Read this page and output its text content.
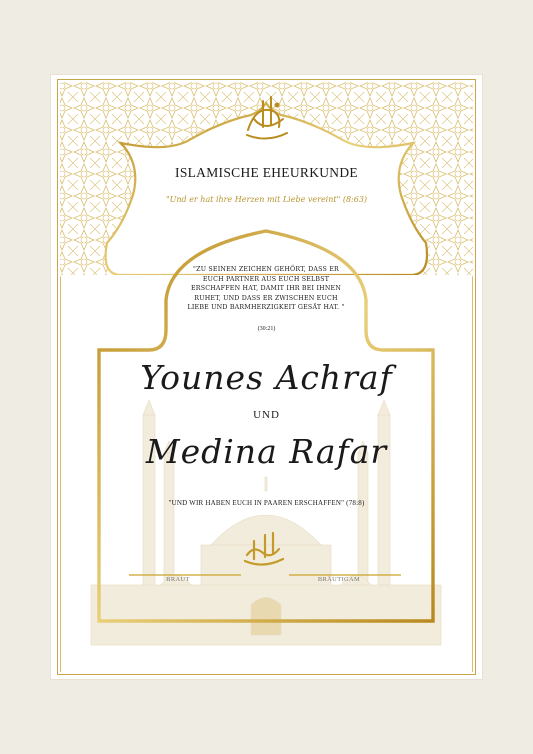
ISLAMISCHE EHEURKUNDE
"Und er hat ihre Herzen mit Liebe vereint" (8:63)
"ZU SEINEN ZEICHEN GEHÖRT, DASS ER
EUCH PARTNER AUS EUCH SELBST
ERSCHAFFEN HAT, DAMIT IHR BEI IHNEN
RUHET, UND DASS ER ZWISCHEN EUCH
LIEBE UND BARMHERZIGKEIT GESÄT HAT. "
(30:21)
Younes Achraf
UND
Medina Rafar
"UND WIR HABEN EUCH IN PAAREN ERSCHAFFEN" (78:8)
BRAUT	BRÄUTIGAM
